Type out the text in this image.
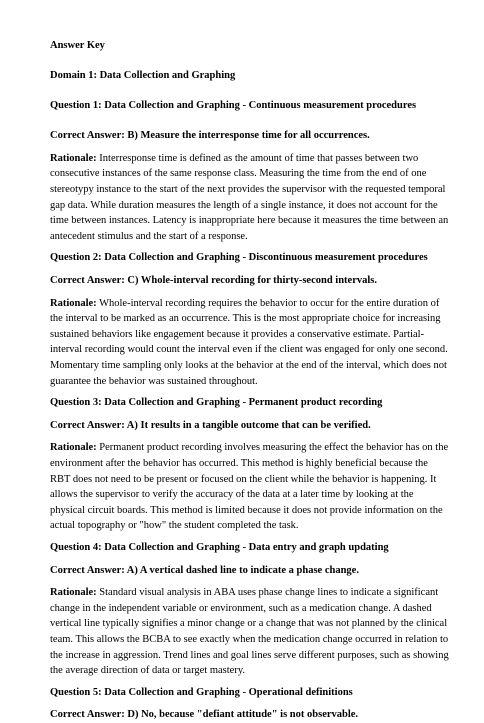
Answer Key
Domain 1: Data Collection and Graphing
Question 1: Data Collection and Graphing - Continuous measurement procedures
Correct Answer: B) Measure the interresponse time for all occurrences.
Rationale: Interresponse time is defined as the amount of time that passes between two consecutive instances of the same response class. Measuring the time from the end of one stereotypy instance to the start of the next provides the supervisor with the requested temporal gap data. While duration measures the length of a single instance, it does not account for the time between instances. Latency is inappropriate here because it measures the time between an antecedent stimulus and the start of a response.
Question 2: Data Collection and Graphing - Discontinuous measurement procedures
Correct Answer: C) Whole-interval recording for thirty-second intervals.
Rationale: Whole-interval recording requires the behavior to occur for the entire duration of the interval to be marked as an occurrence. This is the most appropriate choice for increasing sustained behaviors like engagement because it provides a conservative estimate. Partial-interval recording would count the interval even if the client was engaged for only one second. Momentary time sampling only looks at the behavior at the end of the interval, which does not guarantee the behavior was sustained throughout.
Question 3: Data Collection and Graphing - Permanent product recording
Correct Answer: A) It results in a tangible outcome that can be verified.
Rationale: Permanent product recording involves measuring the effect the behavior has on the environment after the behavior has occurred. This method is highly beneficial because the RBT does not need to be present or focused on the client while the behavior is happening. It allows the supervisor to verify the accuracy of the data at a later time by looking at the physical circuit boards. This method is limited because it does not provide information on the actual topography or "how" the student completed the task.
Question 4: Data Collection and Graphing - Data entry and graph updating
Correct Answer: A) A vertical dashed line to indicate a phase change.
Rationale: Standard visual analysis in ABA uses phase change lines to indicate a significant change in the independent variable or environment, such as a medication change. A dashed vertical line typically signifies a minor change or a change that was not planned by the clinical team. This allows the BCBA to see exactly when the medication change occurred in relation to the increase in aggression. Trend lines and goal lines serve different purposes, such as showing the average direction of data or target mastery.
Question 5: Data Collection and Graphing - Operational definitions
Correct Answer: D) No, because "defiant attitude" is not observable.
